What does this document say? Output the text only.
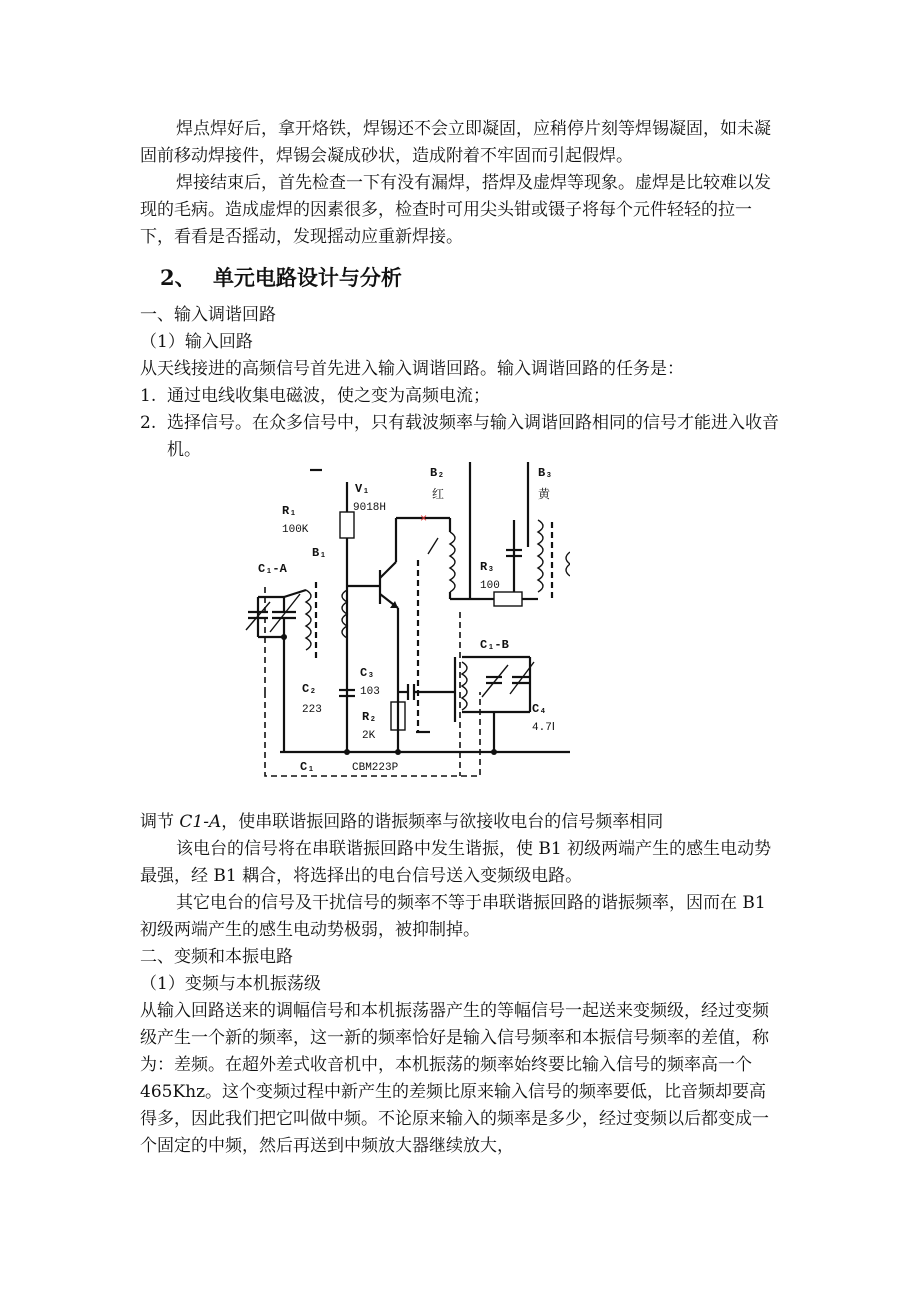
焊点焊好后，拿开烙铁，焊锡还不会立即凝固，应稍停片刻等焊锡凝固，如未凝固前移动焊接件，焊锡会凝成砂状，造成附着不牢固而引起假焊。

焊接结束后，首先检查一下有没有漏焊，搭焊及虚焊等现象。虚焊是比较难以发现的毛病。造成虚焊的因素很多，检查时可用尖头钳或镊子将每个元件轻轻的拉一下，看看是否摇动，发现摇动应重新焊接。

2、 单元电路设计与分析

一、输入调谐回路

（1）输入回路

从天线接进的高频信号首先进入输入调谐回路。输入调谐回路的任务是：

1. 通过电线收集电磁波，使之变为高频电流；

2. 选择信号。在众多信号中，只有载波频率与输入调谐回路相同的信号才能进入收音机。

×
V₁
9018H
R₁
100K
B₁
C₁-A
C₂
223
C₃
103
R₂
2K
B₂
红
B₃
黄
R₃
100
C₁-B
C₄
4.7Ⅰ
C₁	CBM223P

调节 C1-A，使串联谐振回路的谐振频率与欲接收电台的信号频率相同

该电台的信号将在串联谐振回路中发生谐振，使 B1 初级两端产生的感生电动势最强，经 B1 耦合，将选择出的电台信号送入变频级电路。

其它电台的信号及干扰信号的频率不等于串联谐振回路的谐振频率，因而在 B1 初级两端产生的感生电动势极弱，被抑制掉。

二、变频和本振电路

（1）变频与本机振荡级

从输入回路送来的调幅信号和本机振荡器产生的等幅信号一起送来变频级，经过变频级产生一个新的频率，这一新的频率恰好是输入信号频率和本振信号频率的差值，称为：差频。在超外差式收音机中，本机振荡的频率始终要比输入信号的频率高一个 465Khz。这个变频过程中新产生的差频比原来输入信号的频率要低，比音频却要高得多，因此我们把它叫做中频。不论原来输入的频率是多少，经过变频以后都变成一个固定的中频，然后再送到中频放大器继续放大，
